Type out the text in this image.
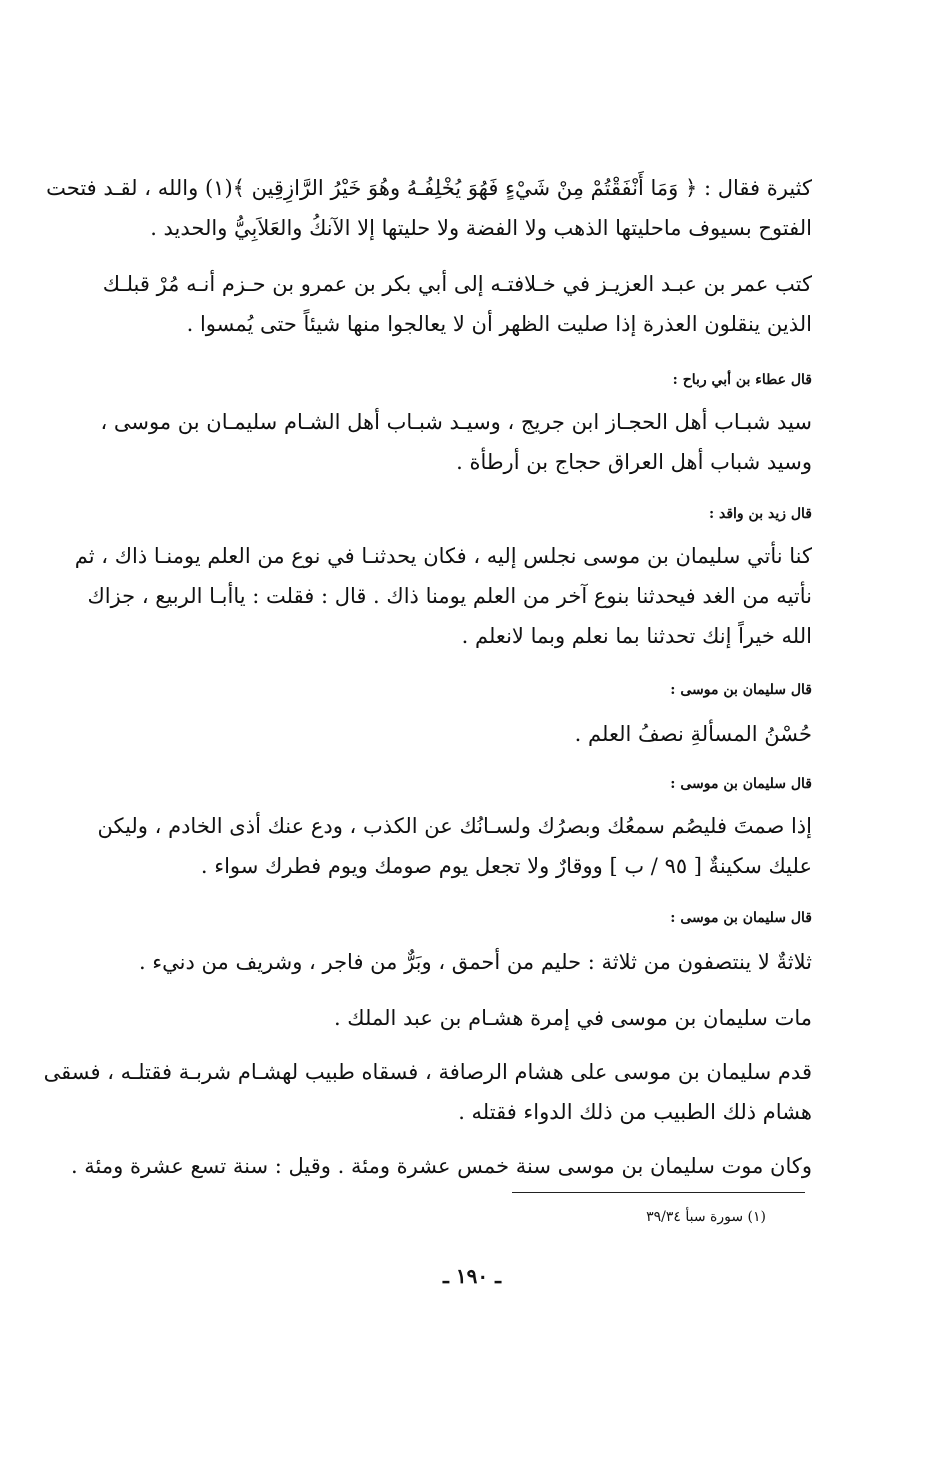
كثيرة فقال : ﴿ وَمَا أَنْفَقْتُمْ مِنْ شَيْءٍ فَهُوَ يُخْلِفُـهُ وهُوَ خَيْرُ الرَّازِقِين ﴾(١) والله ، لقـد فتحت
الفتوح بسيوف ماحليتها الذهب ولا الفضة ولا حليتها إلا الآنكُ والعَلاَبِيُّ والحديد .
كتب عمر بن عبـد العزيـز في خـلافتـه إلى أبي بكر بن عمرو بن حـزم أنـه مُرْ قبلـك
الذين ينقلون العذرة إذا صليت الظهر أن لا يعالجوا منها شيئاً حتى يُمسوا .
قال عطاء بن أبي رباح :
سيد شبـاب أهل الحجـاز ابن جريج ، وسيـد شبـاب أهل الشـام سليمـان بن موسى ،
وسيد شباب أهل العراق حجاج بن أرطأة .
قال زيد بن واقد :
كنا نأتي سليمان بن موسى نجلس إليه ، فكان يحدثنـا في نوع من العلم يومنـا ذاك ، ثم
نأتيه من الغد فيحدثنا بنوع آخر من العلم يومنا ذاك . قال : فقلت : ياأبـا الربيع ، جزاك
الله خيراً إنك تحدثنا بما نعلم وبما لانعلم .
قال سليمان بن موسى :
حُسْنُ المسألةِ نصفُ العلم .
قال سليمان بن موسى :
إذا صمتَ فليصُم سمعُك وبصرُك ولسـانُك عن الكذب ، ودع عنك أذى الخادم ، وليكن
عليك سكينةٌ [ ٩٥ / ب ] ووقارٌ ولا تجعل يوم صومك ويوم فطرك سواء .
قال سليمان بن موسى :
ثلاثةٌ لا ينتصفون من ثلاثة : حليم من أحمق ، وبَرٌّ من فاجر ، وشريف من دنيء .
مات سليمان بن موسى في إمرة هشـام بن عبد الملك .
قدم سليمان بن موسى على هشام الرصافة ، فسقاه طبيب لهشـام شربـة فقتلـه ، فسقى
هشام ذلك الطبيب من ذلك الدواء فقتله .
وكان موت سليمان بن موسى سنة خمس عشرة ومئة . وقيل : سنة تسع عشرة ومئة .
(١) سورة سبأ ٣٩/٣٤
ـ ١٩٠ ـ
